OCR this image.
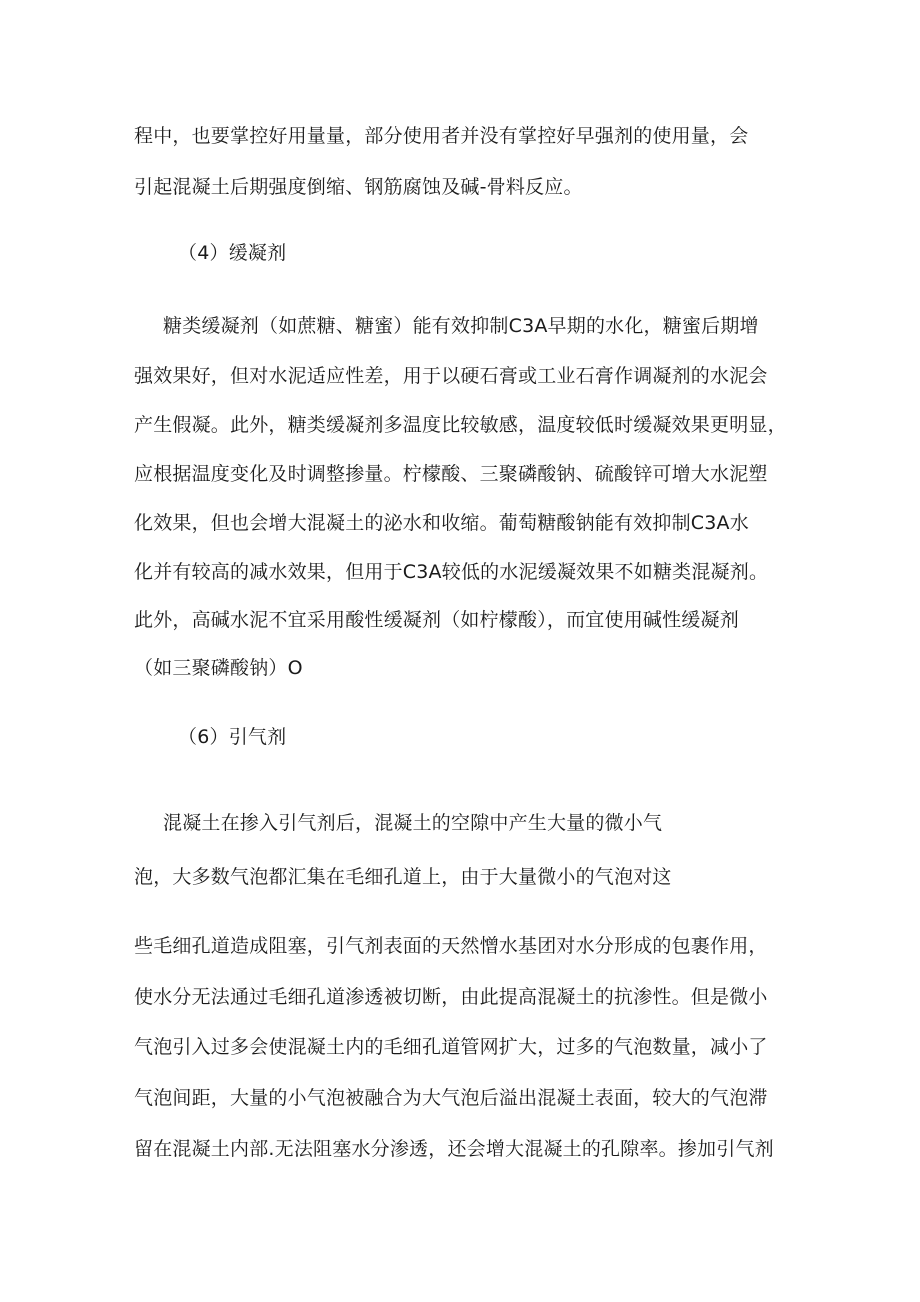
程中，也要掌控好用量量，部分使用者并没有掌控好早强剂的使用量，会
引起混凝土后期强度倒缩、钢筋腐蚀及碱-骨料反应。
（4）缓凝剂
糖类缓凝剂（如蔗糖、糖蜜）能有效抑制C3A早期的水化，糖蜜后期增
强效果好，但对水泥适应性差，用于以硬石膏或工业石膏作调凝剂的水泥会
产生假凝。此外，糖类缓凝剂多温度比较敏感，温度较低时缓凝效果更明显，
应根据温度变化及时调整掺量。柠檬酸、三聚磷酸钠、硫酸锌可增大水泥塑
化效果，但也会增大混凝土的泌水和收缩。葡萄糖酸钠能有效抑制C3A水
化并有较高的减水效果，但用于C3A较低的水泥缓凝效果不如糖类混凝剂。
此外，高碱水泥不宜采用酸性缓凝剂（如柠檬酸），而宜使用碱性缓凝剂
（如三聚磷酸钠）O
（6）引气剂
混凝土在掺入引气剂后，混凝土的空隙中产生大量的微小气
泡，大多数气泡都汇集在毛细孔道上，由于大量微小的气泡对这
些毛细孔道造成阻塞，引气剂表面的天然憎水基团对水分形成的包裹作用，
使水分无法通过毛细孔道渗透被切断，由此提高混凝土的抗渗性。但是微小
气泡引入过多会使混凝土内的毛细孔道管网扩大，过多的气泡数量，减小了
气泡间距，大量的小气泡被融合为大气泡后溢出混凝土表面，较大的气泡滞
留在混凝土内部.无法阻塞水分渗透，还会增大混凝土的孔隙率。掺加引气剂
